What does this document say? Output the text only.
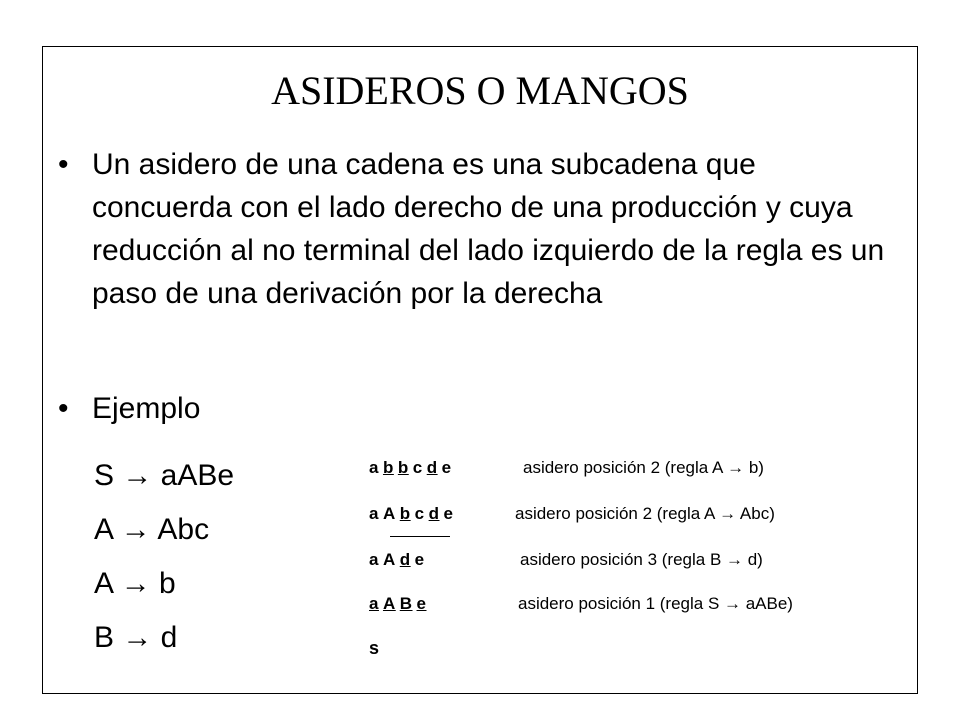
ASIDEROS O MANGOS
• Un asidero de una cadena es una subcadena que concuerda con el lado derecho de una producción y cuya reducción al no terminal del lado izquierdo de la regla es un paso de una derivación por la derecha
• Ejemplo
S → aABe
A → Abc
A → b
B → d
a b b c d e	asidero posición 2 (regla A → b)
a A b c d e	asidero posición 2 (regla A → Abc)
a A d e	asidero posición 3 (regla B → d)
a A B e	asidero posición 1 (regla S → aABe)
s
